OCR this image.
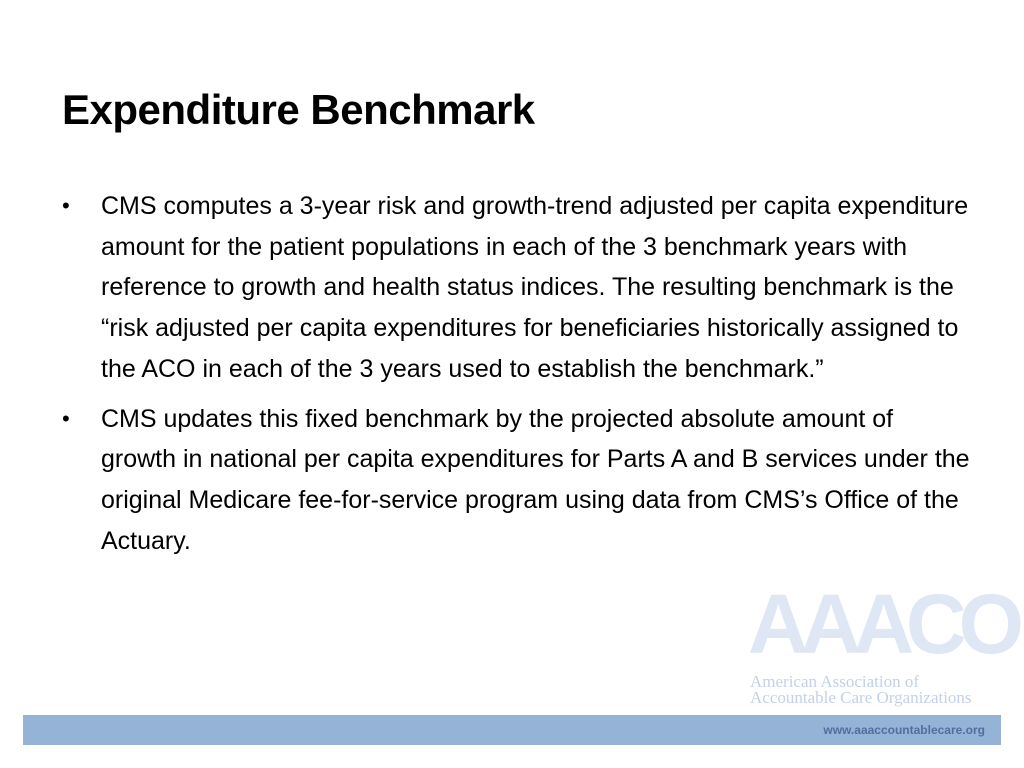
Expenditure Benchmark
•	CMS computes a 3-year risk and growth-trend adjusted per capita expenditure amount for the patient populations in each of the 3 benchmark years with reference to growth and health status indices. The resulting benchmark is the “risk adjusted per capita expenditures for beneficiaries historically assigned to the ACO in each of the 3 years used to establish the benchmark.”
•	CMS updates this fixed benchmark by the projected absolute amount of growth in national per capita expenditures for Parts A and B services under the original Medicare fee-for-service program using data from CMS’s Office of the Actuary.
AAACO
American Association of
Accountable Care Organizations
www.aaaccountablecare.org
